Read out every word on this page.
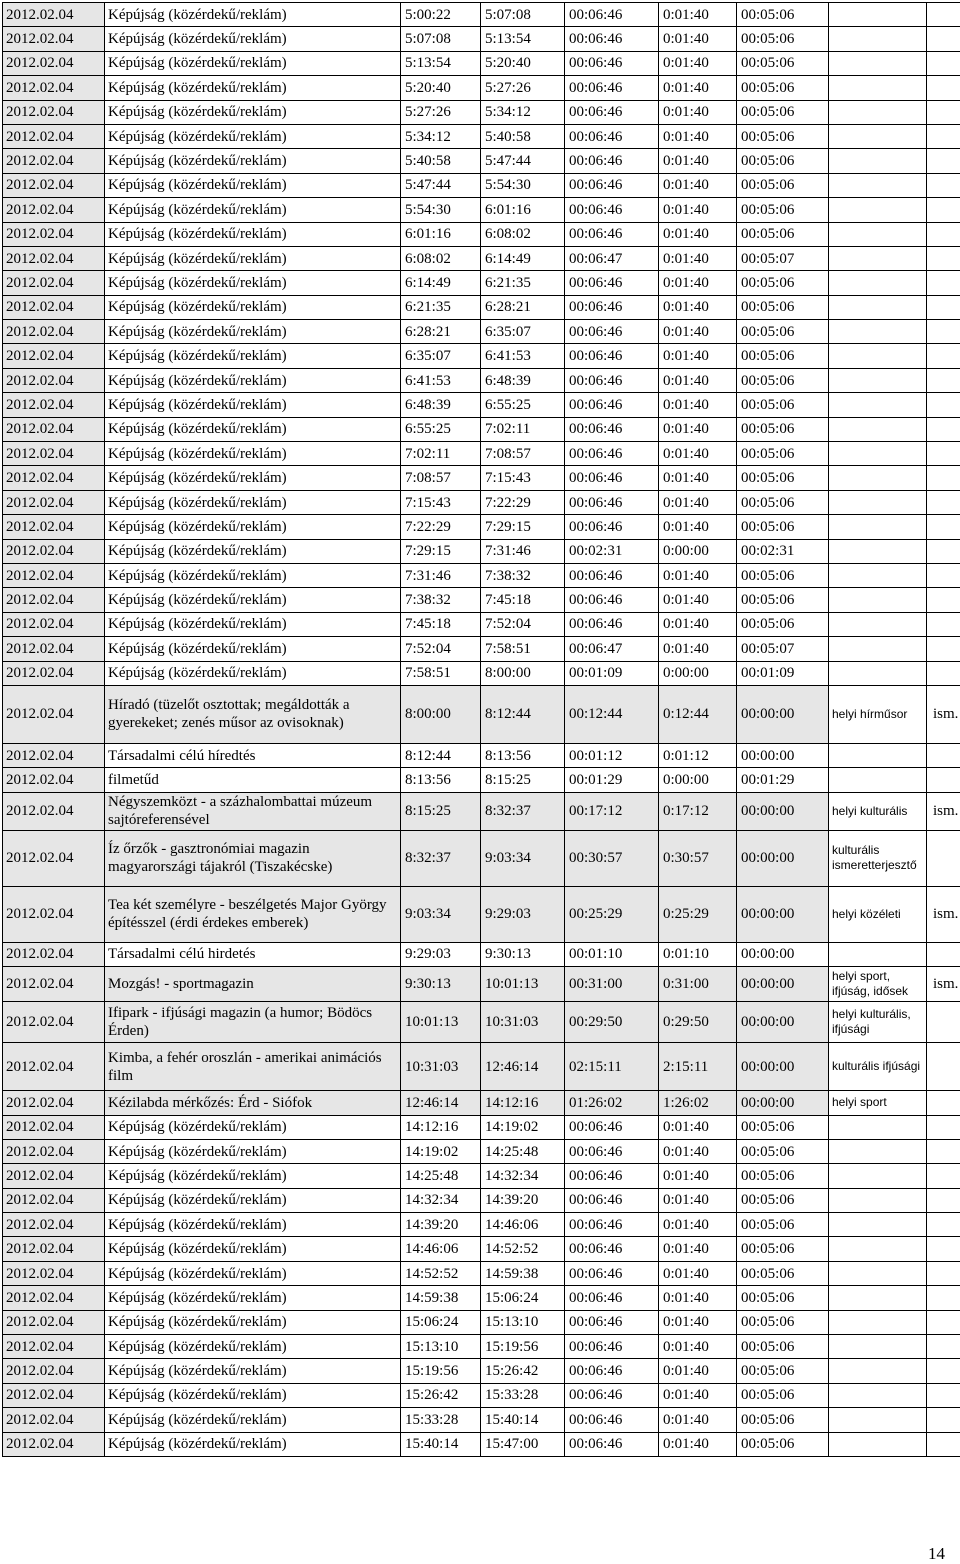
2012.02.04	Képújság (közérdekű/reklám)	5:00:22	5:07:08	00:06:46	0:01:40	00:05:06		
2012.02.04	Képújság (közérdekű/reklám)	5:07:08	5:13:54	00:06:46	0:01:40	00:05:06		
2012.02.04	Képújság (közérdekű/reklám)	5:13:54	5:20:40	00:06:46	0:01:40	00:05:06		
2012.02.04	Képújság (közérdekű/reklám)	5:20:40	5:27:26	00:06:46	0:01:40	00:05:06		
2012.02.04	Képújság (közérdekű/reklám)	5:27:26	5:34:12	00:06:46	0:01:40	00:05:06		
2012.02.04	Képújság (közérdekű/reklám)	5:34:12	5:40:58	00:06:46	0:01:40	00:05:06		
2012.02.04	Képújság (közérdekű/reklám)	5:40:58	5:47:44	00:06:46	0:01:40	00:05:06		
2012.02.04	Képújság (közérdekű/reklám)	5:47:44	5:54:30	00:06:46	0:01:40	00:05:06		
2012.02.04	Képújság (közérdekű/reklám)	5:54:30	6:01:16	00:06:46	0:01:40	00:05:06		
2012.02.04	Képújság (közérdekű/reklám)	6:01:16	6:08:02	00:06:46	0:01:40	00:05:06		
2012.02.04	Képújság (közérdekű/reklám)	6:08:02	6:14:49	00:06:47	0:01:40	00:05:07		
2012.02.04	Képújság (közérdekű/reklám)	6:14:49	6:21:35	00:06:46	0:01:40	00:05:06		
2012.02.04	Képújság (közérdekű/reklám)	6:21:35	6:28:21	00:06:46	0:01:40	00:05:06		
2012.02.04	Képújság (közérdekű/reklám)	6:28:21	6:35:07	00:06:46	0:01:40	00:05:06		
2012.02.04	Képújság (közérdekű/reklám)	6:35:07	6:41:53	00:06:46	0:01:40	00:05:06		
2012.02.04	Képújság (közérdekű/reklám)	6:41:53	6:48:39	00:06:46	0:01:40	00:05:06		
2012.02.04	Képújság (közérdekű/reklám)	6:48:39	6:55:25	00:06:46	0:01:40	00:05:06		
2012.02.04	Képújság (közérdekű/reklám)	6:55:25	7:02:11	00:06:46	0:01:40	00:05:06		
2012.02.04	Képújság (közérdekű/reklám)	7:02:11	7:08:57	00:06:46	0:01:40	00:05:06		
2012.02.04	Képújság (közérdekű/reklám)	7:08:57	7:15:43	00:06:46	0:01:40	00:05:06		
2012.02.04	Képújság (közérdekű/reklám)	7:15:43	7:22:29	00:06:46	0:01:40	00:05:06		
2012.02.04	Képújság (közérdekű/reklám)	7:22:29	7:29:15	00:06:46	0:01:40	00:05:06		
2012.02.04	Képújság (közérdekű/reklám)	7:29:15	7:31:46	00:02:31	0:00:00	00:02:31		
2012.02.04	Képújság (közérdekű/reklám)	7:31:46	7:38:32	00:06:46	0:01:40	00:05:06		
2012.02.04	Képújság (közérdekű/reklám)	7:38:32	7:45:18	00:06:46	0:01:40	00:05:06		
2012.02.04	Képújság (közérdekű/reklám)	7:45:18	7:52:04	00:06:46	0:01:40	00:05:06		
2012.02.04	Képújság (közérdekű/reklám)	7:52:04	7:58:51	00:06:47	0:01:40	00:05:07		
2012.02.04	Képújság (közérdekű/reklám)	7:58:51	8:00:00	00:01:09	0:00:00	00:01:09		
2012.02.04	Híradó (tüzelőt osztottak; megáldották a gyerekeket; zenés műsor az ovisoknak)	8:00:00	8:12:44	00:12:44	0:12:44	00:00:00	helyi hírműsor	ism.
2012.02.04	Társadalmi célú híredtés	8:12:44	8:13:56	00:01:12	0:01:12	00:00:00		
2012.02.04	filmetűd	8:13:56	8:15:25	00:01:29	0:00:00	00:01:29		
2012.02.04	Négyszemközt - a százhalombattai múzeum sajtóreferensével	8:15:25	8:32:37	00:17:12	0:17:12	00:00:00	helyi kulturális	ism.
2012.02.04	Íz őrzők - gasztronómiai magazin magyarországi tájakról (Tiszakécske)	8:32:37	9:03:34	00:30:57	0:30:57	00:00:00	kulturális ismeretterjesztő	
2012.02.04	Tea két személyre - beszélgetés Major György építésszel (érdi érdekes emberek)	9:03:34	9:29:03	00:25:29	0:25:29	00:00:00	helyi közéleti	ism.
2012.02.04	Társadalmi célú hirdetés	9:29:03	9:30:13	00:01:10	0:01:10	00:00:00		
2012.02.04	Mozgás! - sportmagazin	9:30:13	10:01:13	00:31:00	0:31:00	00:00:00	helyi sport, ifjúság, idősek	ism.
2012.02.04	Ifipark - ifjúsági magazin (a humor; Bödöcs Érden)	10:01:13	10:31:03	00:29:50	0:29:50	00:00:00	helyi kulturális, ifjúsági	
2012.02.04	Kimba, a fehér oroszlán - amerikai animációs film	10:31:03	12:46:14	02:15:11	2:15:11	00:00:00	kulturális ifjúsági	
2012.02.04	Kézilabda mérkőzés: Érd - Siófok	12:46:14	14:12:16	01:26:02	1:26:02	00:00:00	helyi sport	
2012.02.04	Képújság (közérdekű/reklám)	14:12:16	14:19:02	00:06:46	0:01:40	00:05:06		
2012.02.04	Képújság (közérdekű/reklám)	14:19:02	14:25:48	00:06:46	0:01:40	00:05:06		
2012.02.04	Képújság (közérdekű/reklám)	14:25:48	14:32:34	00:06:46	0:01:40	00:05:06		
2012.02.04	Képújság (közérdekű/reklám)	14:32:34	14:39:20	00:06:46	0:01:40	00:05:06		
2012.02.04	Képújság (közérdekű/reklám)	14:39:20	14:46:06	00:06:46	0:01:40	00:05:06		
2012.02.04	Képújság (közérdekű/reklám)	14:46:06	14:52:52	00:06:46	0:01:40	00:05:06		
2012.02.04	Képújság (közérdekű/reklám)	14:52:52	14:59:38	00:06:46	0:01:40	00:05:06		
2012.02.04	Képújság (közérdekű/reklám)	14:59:38	15:06:24	00:06:46	0:01:40	00:05:06		
2012.02.04	Képújság (közérdekű/reklám)	15:06:24	15:13:10	00:06:46	0:01:40	00:05:06		
2012.02.04	Képújság (közérdekű/reklám)	15:13:10	15:19:56	00:06:46	0:01:40	00:05:06		
2012.02.04	Képújság (közérdekű/reklám)	15:19:56	15:26:42	00:06:46	0:01:40	00:05:06		
2012.02.04	Képújság (közérdekű/reklám)	15:26:42	15:33:28	00:06:46	0:01:40	00:05:06		
2012.02.04	Képújság (közérdekű/reklám)	15:33:28	15:40:14	00:06:46	0:01:40	00:05:06		
2012.02.04	Képújság (közérdekű/reklám)	15:40:14	15:47:00	00:06:46	0:01:40	00:05:06		
14
